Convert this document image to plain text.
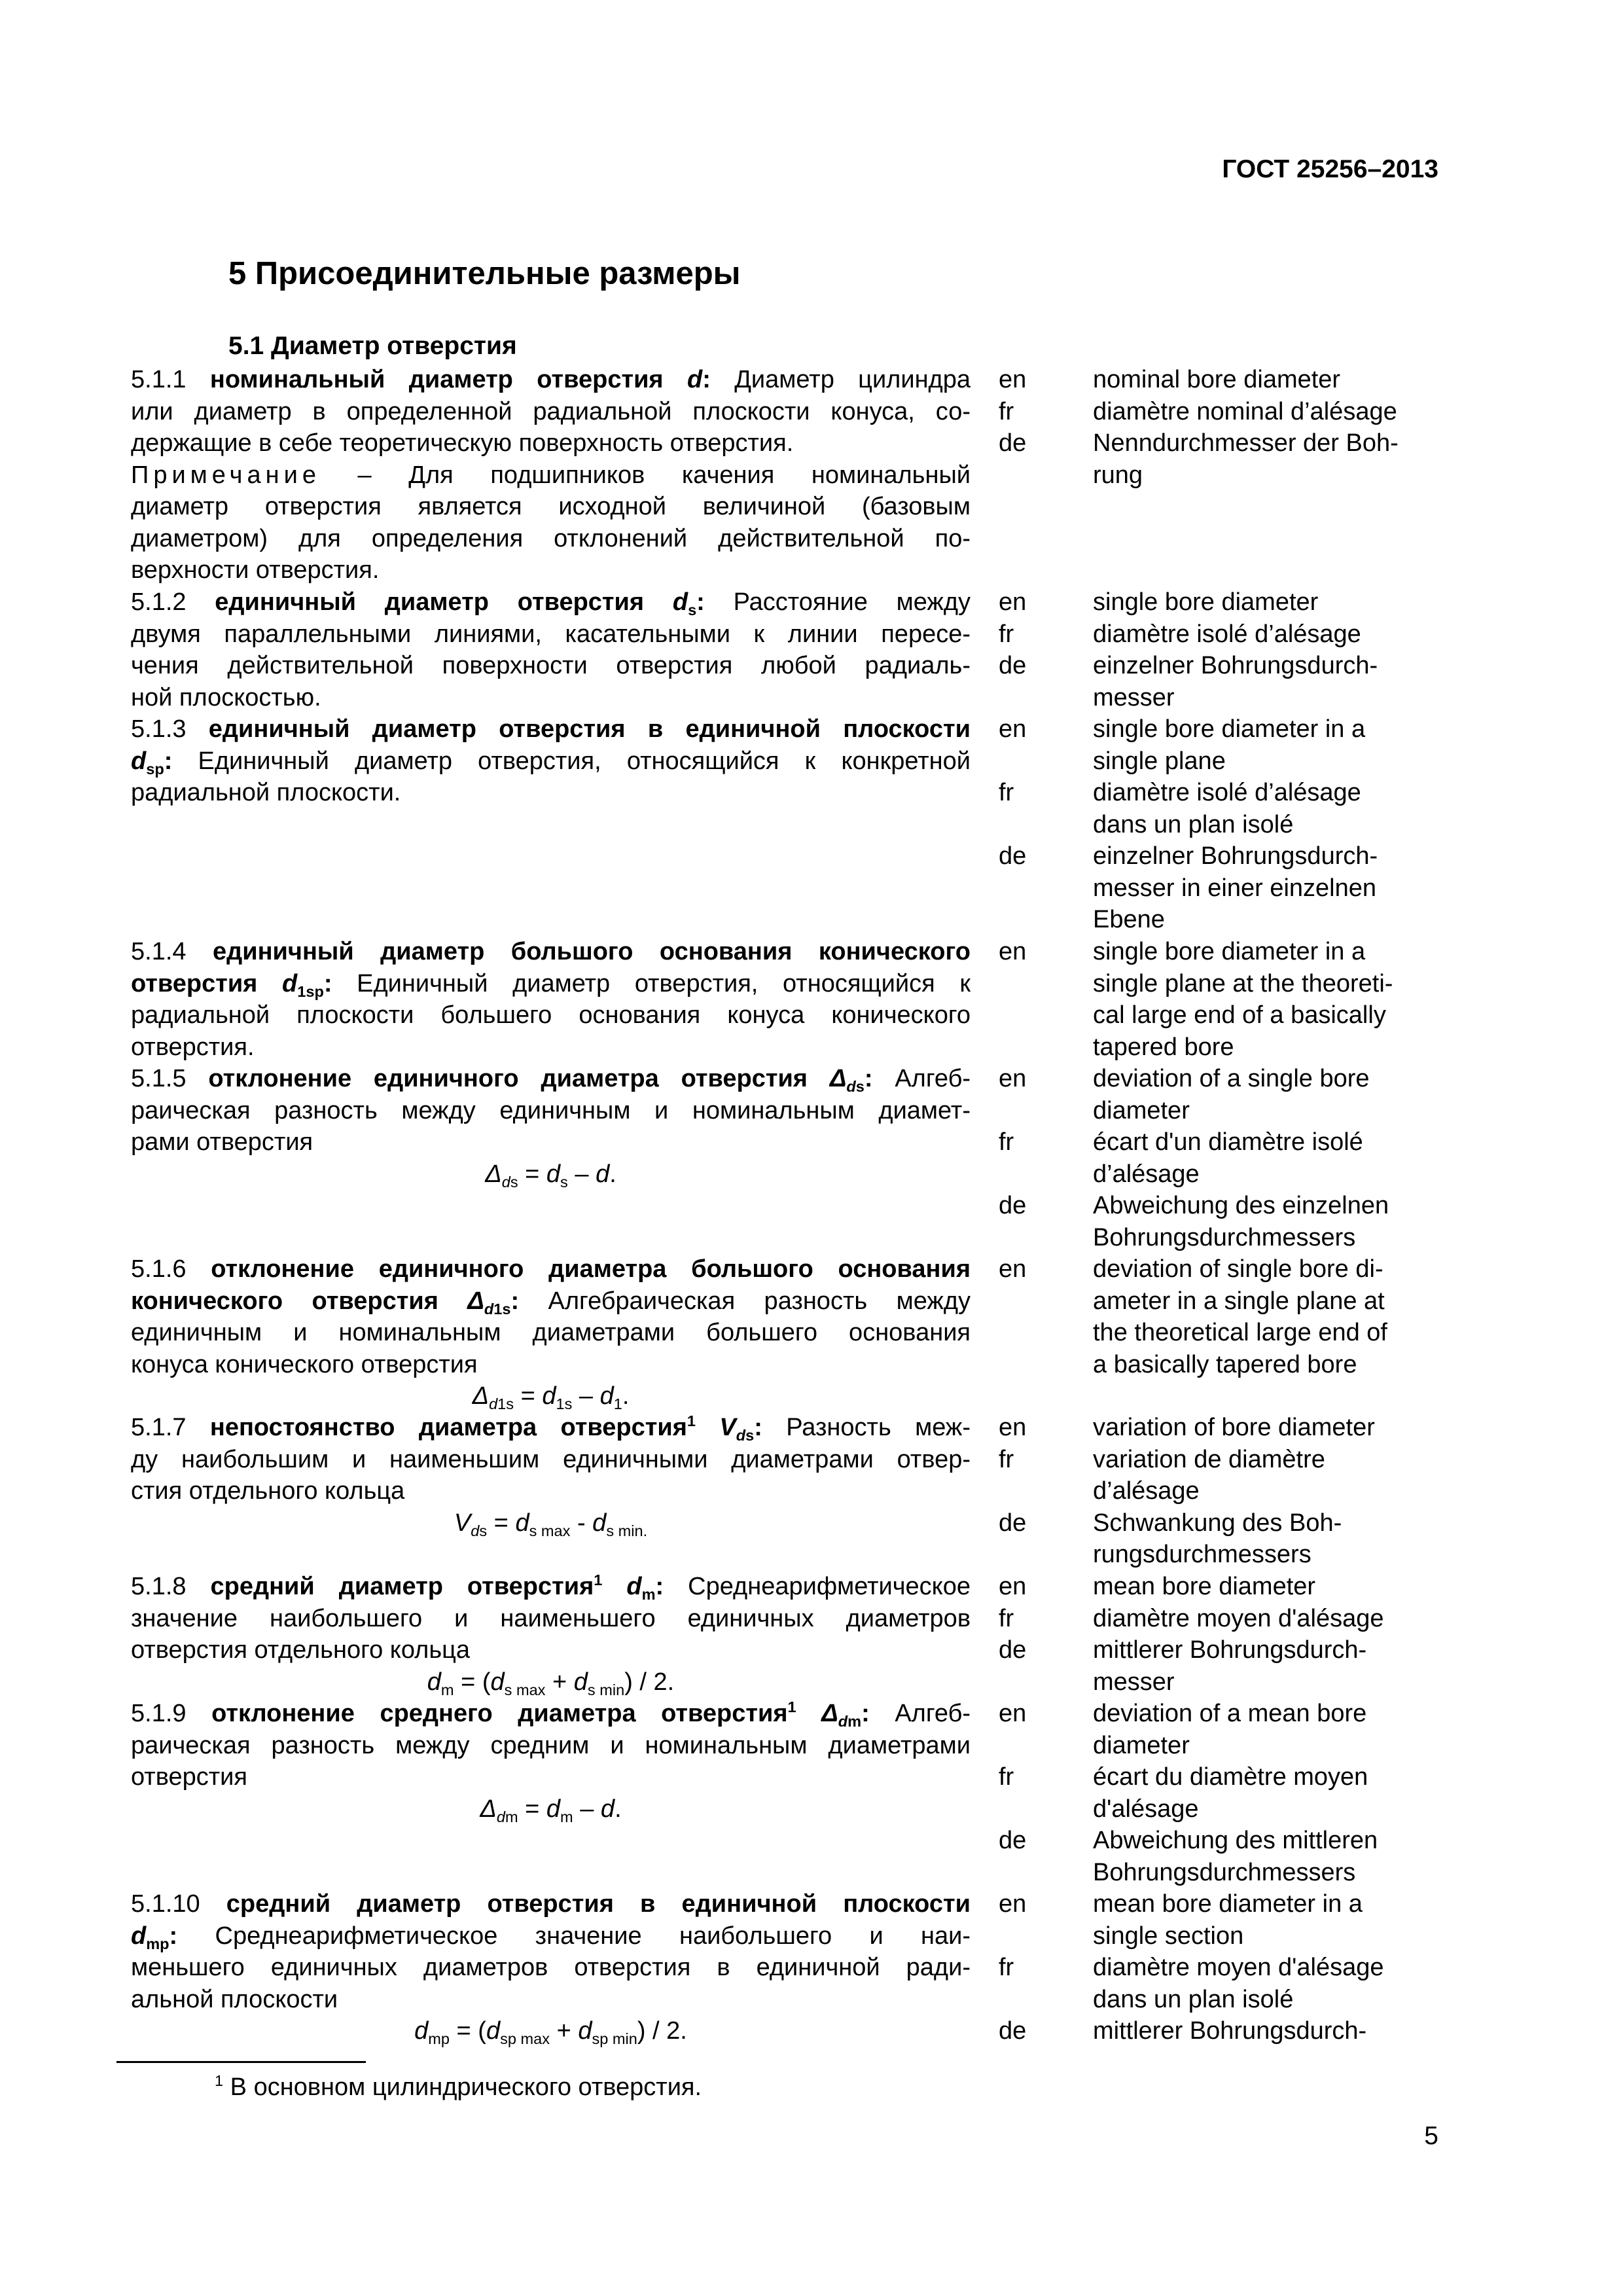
ГОСТ 25256–2013
5 Присоединительные размеры
5.1 Диаметр отверстия
5.1.1 номинальный диаметр отверстия d: Диаметр цилиндра
или диаметр в определенной радиальной плоскости конуса, со-
держащие в себе теоретическую поверхность отверстия.
Примечание – Для подшипников качения номинальный
диаметр отверстия является исходной величиной (базовым
диаметром) для определения отклонений действительной по-
верхности отверстия.
en
fr
de
nominal bore diameter
diamètre nominal d’alésage
Nenndurchmesser der Boh-
rung
5.1.2 единичный диаметр отверстия $d_s$: Расстояние между
двумя параллельными линиями, касательными к линии пересе-
чения действительной поверхности отверстия любой радиаль-
ной плоскостью.
en
fr
de
single bore diameter
diamètre isolé d’alésage
einzelner Bohrungsdurch-
messer
5.1.3 единичный диаметр отверстия в единичной плоскости
$d_{sp}$: Единичный диаметр отверстия, относящийся к конкретной
радиальной плоскости.
en
fr
de
single bore diameter in a
single plane
diamètre isolé d’alésage
dans un plan isolé
einzelner Bohrungsdurch-
messer in einer einzelnen
Ebene
5.1.4 единичный диаметр большого основания конического
отверстия $d_{1sp}$: Единичный диаметр отверстия, относящийся к
радиальной плоскости большего основания конуса конического
отверстия.
en	single bore diameter in a
single plane at the theoreti-
cal large end of a basically
tapered bore
5.1.5 отклонение единичного диаметра отверстия $\Delta_{ds}$: Алгеб-
раическая разность между единичным и номинальным диамет-
рами отверстия
$\Delta_{ds} = d_s - d$.
en
fr
de
deviation of a single bore
diameter
écart d'un diamètre isolé
d’alésage
Abweichung des einzelnen
Bohrungsdurchmessers
5.1.6 отклонение единичного диаметра большого основания
конического отверстия $\Delta_{d1s}$: Алгебраическая разность между
единичным и номинальным диаметрами большего основания
конуса конического отверстия
$\Delta_{d1s} = d_{1s} - d_1$.
en	deviation of single bore di-
ameter in a single plane at
the theoretical large end of
a basically tapered bore
5.1.7 непостоянство диаметра отверстия$^1$ $V_{ds}$: Разность меж-
ду наибольшим и наименьшим единичными диаметрами отвер-
стия отдельного кольца
$V_{ds} = d_{s max} - d_{s min.}$
en
fr
de
variation of bore diameter
variation de diamètre
d’alésage
Schwankung des Boh-
rungsdurchmessers
5.1.8 средний диаметр отверстия$^1$ $d_m$: Среднеарифметическое
значение наибольшего и наименьшего единичных диаметров
отверстия отдельного кольца
$d_m = (d_{s max} + d_{s min}) / 2$.
en
fr
de
mean bore diameter
diamètre moyen d'alésage
mittlerer Bohrungsdurch-
messer
5.1.9 отклонение среднего диаметра отверстия$^1$ $\Delta_{dm}$: Алгеб-
раическая разность между средним и номинальным диаметрами
отверстия
$\Delta_{dm} = d_m - d$.
en
fr
de
deviation of a mean bore
diameter
écart du diamètre moyen
d'alésage
Abweichung des mittleren
Bohrungsdurchmessers
5.1.10 средний диаметр отверстия в единичной плоскости
$d_{mp}$: Среднеарифметическое значение наибольшего и наи-
меньшего единичных диаметров отверстия в единичной ради-
альной плоскости
$d_{mp} = (d_{sp max} + d_{sp min}) / 2$.
en
fr
de
mean bore diameter in a
single section
diamètre moyen d'alésage
dans un plan isolé
mittlerer Bohrungsdurch-
$^1$ В основном цилиндрического отверстия.
5
